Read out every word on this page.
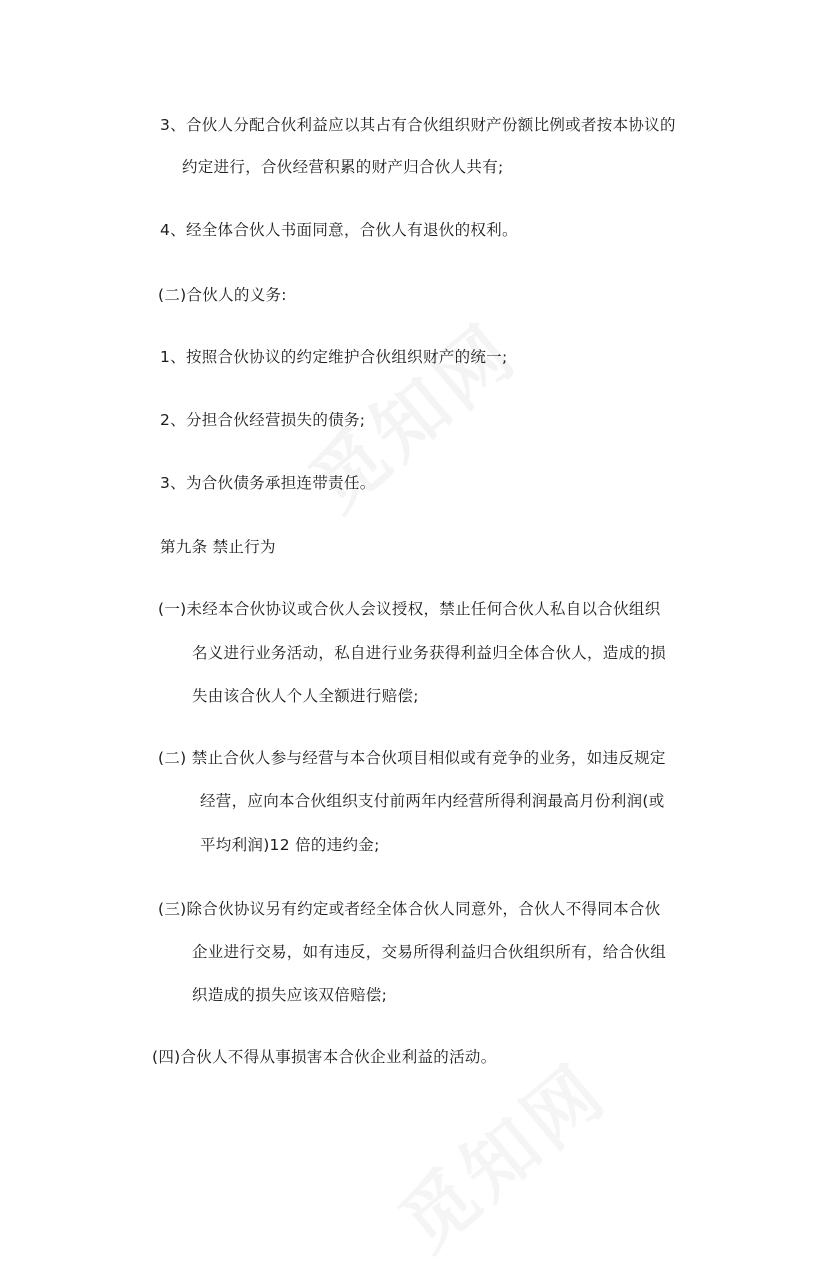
3、合伙人分配合伙利益应以其占有合伙组织财产份额比例或者按本协议的
约定进行，合伙经营积累的财产归合伙人共有;
4、经全体合伙人书面同意，合伙人有退伙的权利。
(二)合伙人的义务:
1、按照合伙协议的约定维护合伙组织财产的统一;
2、分担合伙经营损失的债务;
3、为合伙债务承担连带责任。
第九条 禁止行为
(一)未经本合伙协议或合伙人会议授权，禁止任何合伙人私自以合伙组织
名义进行业务活动，私自进行业务获得利益归全体合伙人，造成的损
失由该合伙人个人全额进行赔偿;
(二) 禁止合伙人参与经营与本合伙项目相似或有竞争的业务，如违反规定
经营，应向本合伙组织支付前两年内经营所得利润最高月份利润(或
平均利润)12 倍的违约金;
(三)除合伙协议另有约定或者经全体合伙人同意外，合伙人不得同本合伙
企业进行交易，如有违反，交易所得利益归合伙组织所有，给合伙组
织造成的损失应该双倍赔偿;
(四)合伙人不得从事损害本合伙企业利益的活动。
